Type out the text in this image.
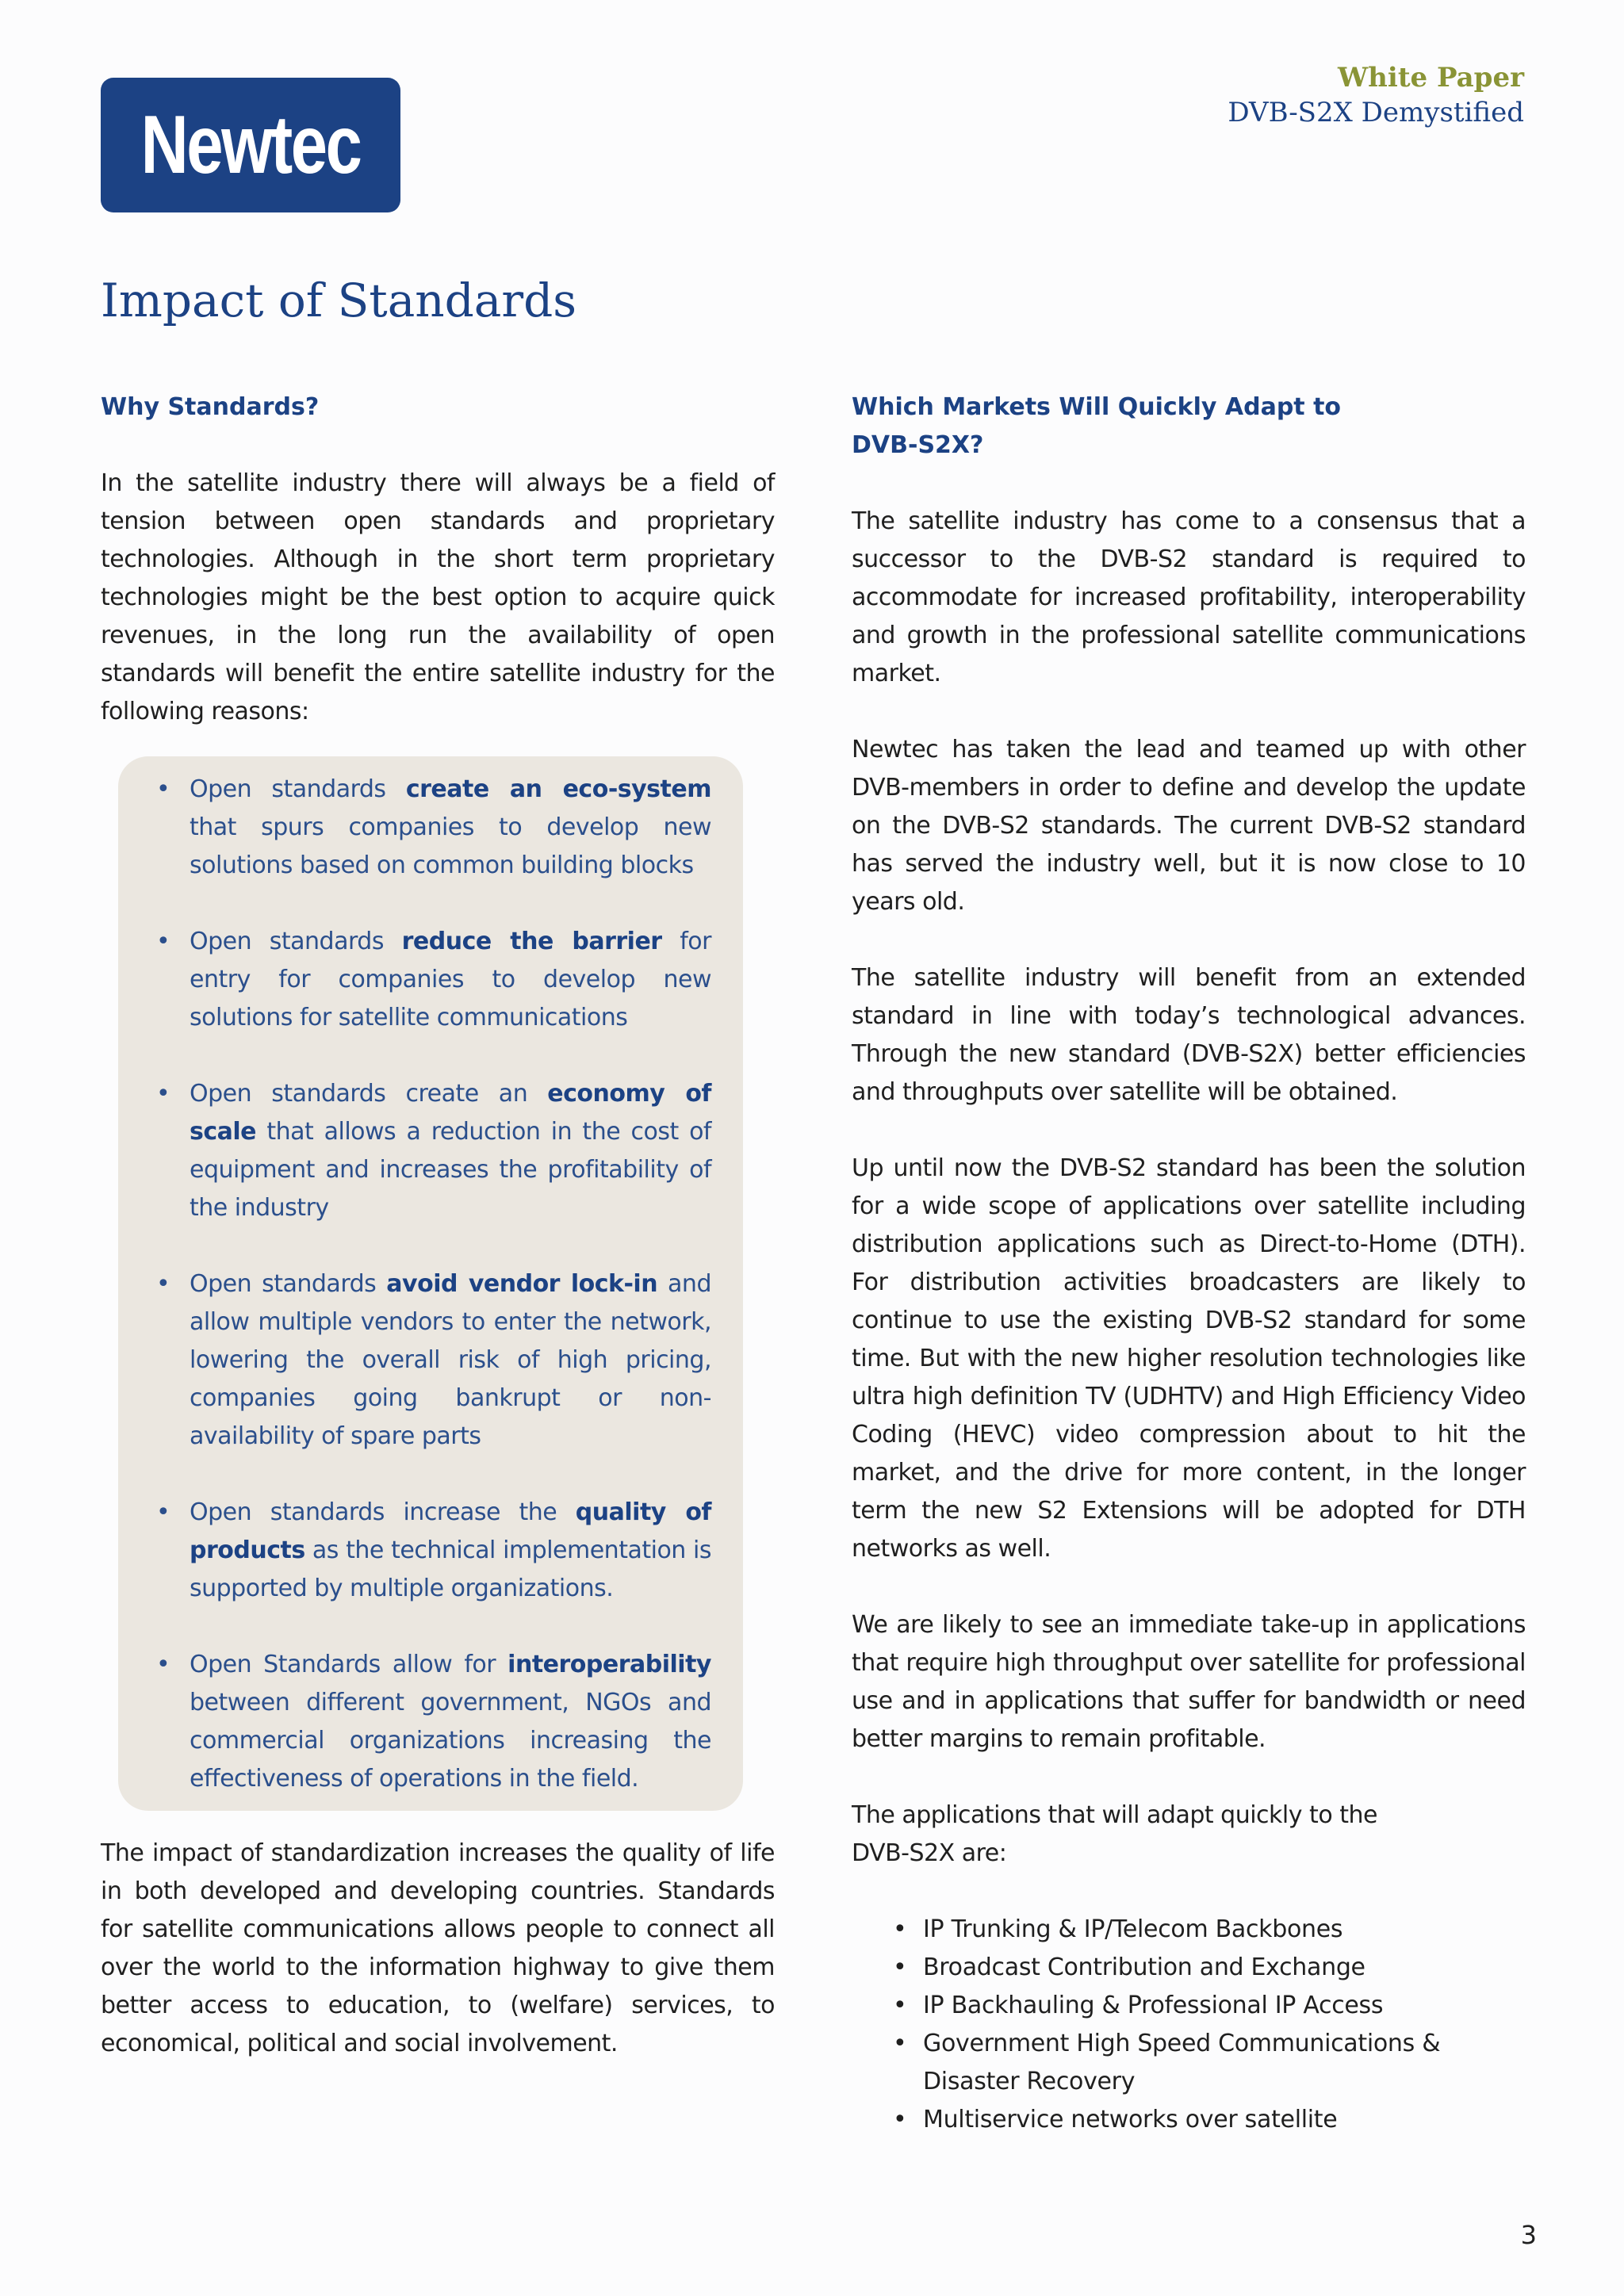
Newtec
White Paper
DVB-S2X Demystified
Impact of Standards
Why Standards?

In the satellite industry there will always be a field of tension between open standards and proprietary technologies. Although in the short term proprietary technologies might be the best option to acquire quick revenues, in the long run the availability of open standards will benefit the entire satellite industry for the following reasons:

• Open standards create an eco-system that spurs companies to develop new solutions based on common building blocks
• Open standards reduce the barrier for entry for companies to develop new solutions for satellite communications
• Open standards create an economy of scale that allows a reduction in the cost of equipment and increases the profitability of the industry
• Open standards avoid vendor lock-in and allow multiple vendors to enter the network, lowering the overall risk of high pricing, companies going bankrupt or non-availability of spare parts
• Open standards increase the quality of products as the technical implementation is supported by multiple organizations.
• Open Standards allow for interoperability between different government, NGOs and commercial organizations increasing the effectiveness of operations in the field.

The impact of standardization increases the quality of life in both developed and developing countries. Standards for satellite communications allows people to connect all over the world to the information highway to give them better access to education, to (welfare) services, to economical, political and social involvement.

Which Markets Will Quickly Adapt to
DVB-S2X?

The satellite industry has come to a consensus that a successor to the DVB-S2 standard is required to accommodate for increased profitability, interoperability and growth in the professional satellite communications market.

Newtec has taken the lead and teamed up with other DVB-members in order to define and develop the update on the DVB-S2 standards. The current DVB-S2 standard has served the industry well, but it is now close to 10 years old.

The satellite industry will benefit from an extended standard in line with today’s technological advances. Through the new standard (DVB-S2X) better efficiencies and throughputs over satellite will be obtained.

Up until now the DVB-S2 standard has been the solution for a wide scope of applications over satellite including distribution applications such as Direct-to-Home (DTH). For distribution activities broadcasters are likely to continue to use the existing DVB-S2 standard for some time. But with the new higher resolution technologies like ultra high definition TV (UDHTV) and High Efficiency Video Coding (HEVC) video compression about to hit the market, and the drive for more content, in the longer term the new S2 Extensions will be adopted for DTH networks as well.

We are likely to see an immediate take-up in applications that require high throughput over satellite for professional use and in applications that suffer for bandwidth or need better margins to remain profitable.

The applications that will adapt quickly to the
DVB-S2X are:

• IP Trunking & IP/Telecom Backbones
• Broadcast Contribution and Exchange
• IP Backhauling & Professional IP Access
• Government High Speed Communications & Disaster Recovery
• Multiservice networks over satellite
3
